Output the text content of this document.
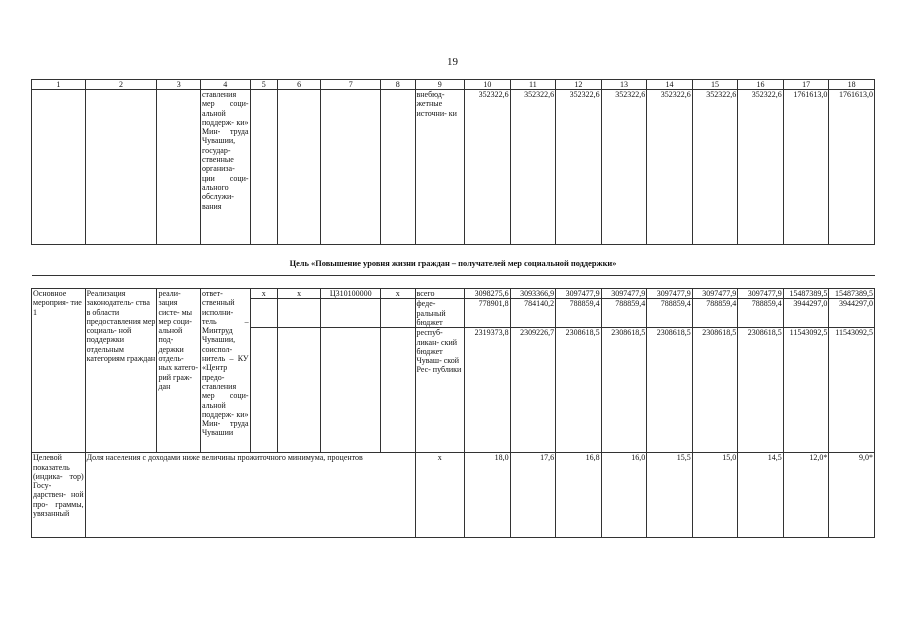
19
1	2	3	4	5	6	7	8	9	10	11	12	13	14	15	16	17	18
			ставления мер соци- альной поддерж- ки» Мин- труда Чувашии, государ- ственные организа- ции соци- ального обслужи- вания					внебюд- жетные источни- ки	352322,6	352322,6	352322,6	352322,6	352322,6	352322,6	352322,6	1761613,0	1761613,0

Цель «Повышение уровня жизни граждан – получателей мер социальной поддержки»																	

Основное мероприя- тие 1	Реализация законодатель- ства в области предоставления мер социаль- ной поддержки отдельным категориям граждан	реали- зация систе- мы мер соци- альной под- держки отдель- ных катего- рий граж- дан	ответ- ственный исполни- тель – Минтруд Чувашии, соиспол- нитель – КУ «Центр предо- ставления мер соци- альной поддерж- ки» Мин- труда Чувашии	х	х	Ц310100000	х	всего	3098275,6	3093366,9	3097477,9	3097477,9	3097477,9	3097477,9	3097477,9	15487389,5	15487389,5
								феде- ральный бюджет	778901,8	784140,2	788859,4	788859,4	788859,4	788859,4	788859,4	3944297,0	3944297,0
								респуб- ликан- ский бюджет Чуваш- ской Рес- публики	2319373,8	2309226,7	2308618,5	2308618,5	2308618,5	2308618,5	2308618,5	11543092,5	11543092,5
Целевой показатель (индика- тор) Госу- дарствен- ной про- граммы, увязанный	Доля населения с доходами ниже величины прожиточного минимума, процентов							х	18,0	17,6	16,8	16,0	15,5	15,0	14,5	12,0*	9,0*
